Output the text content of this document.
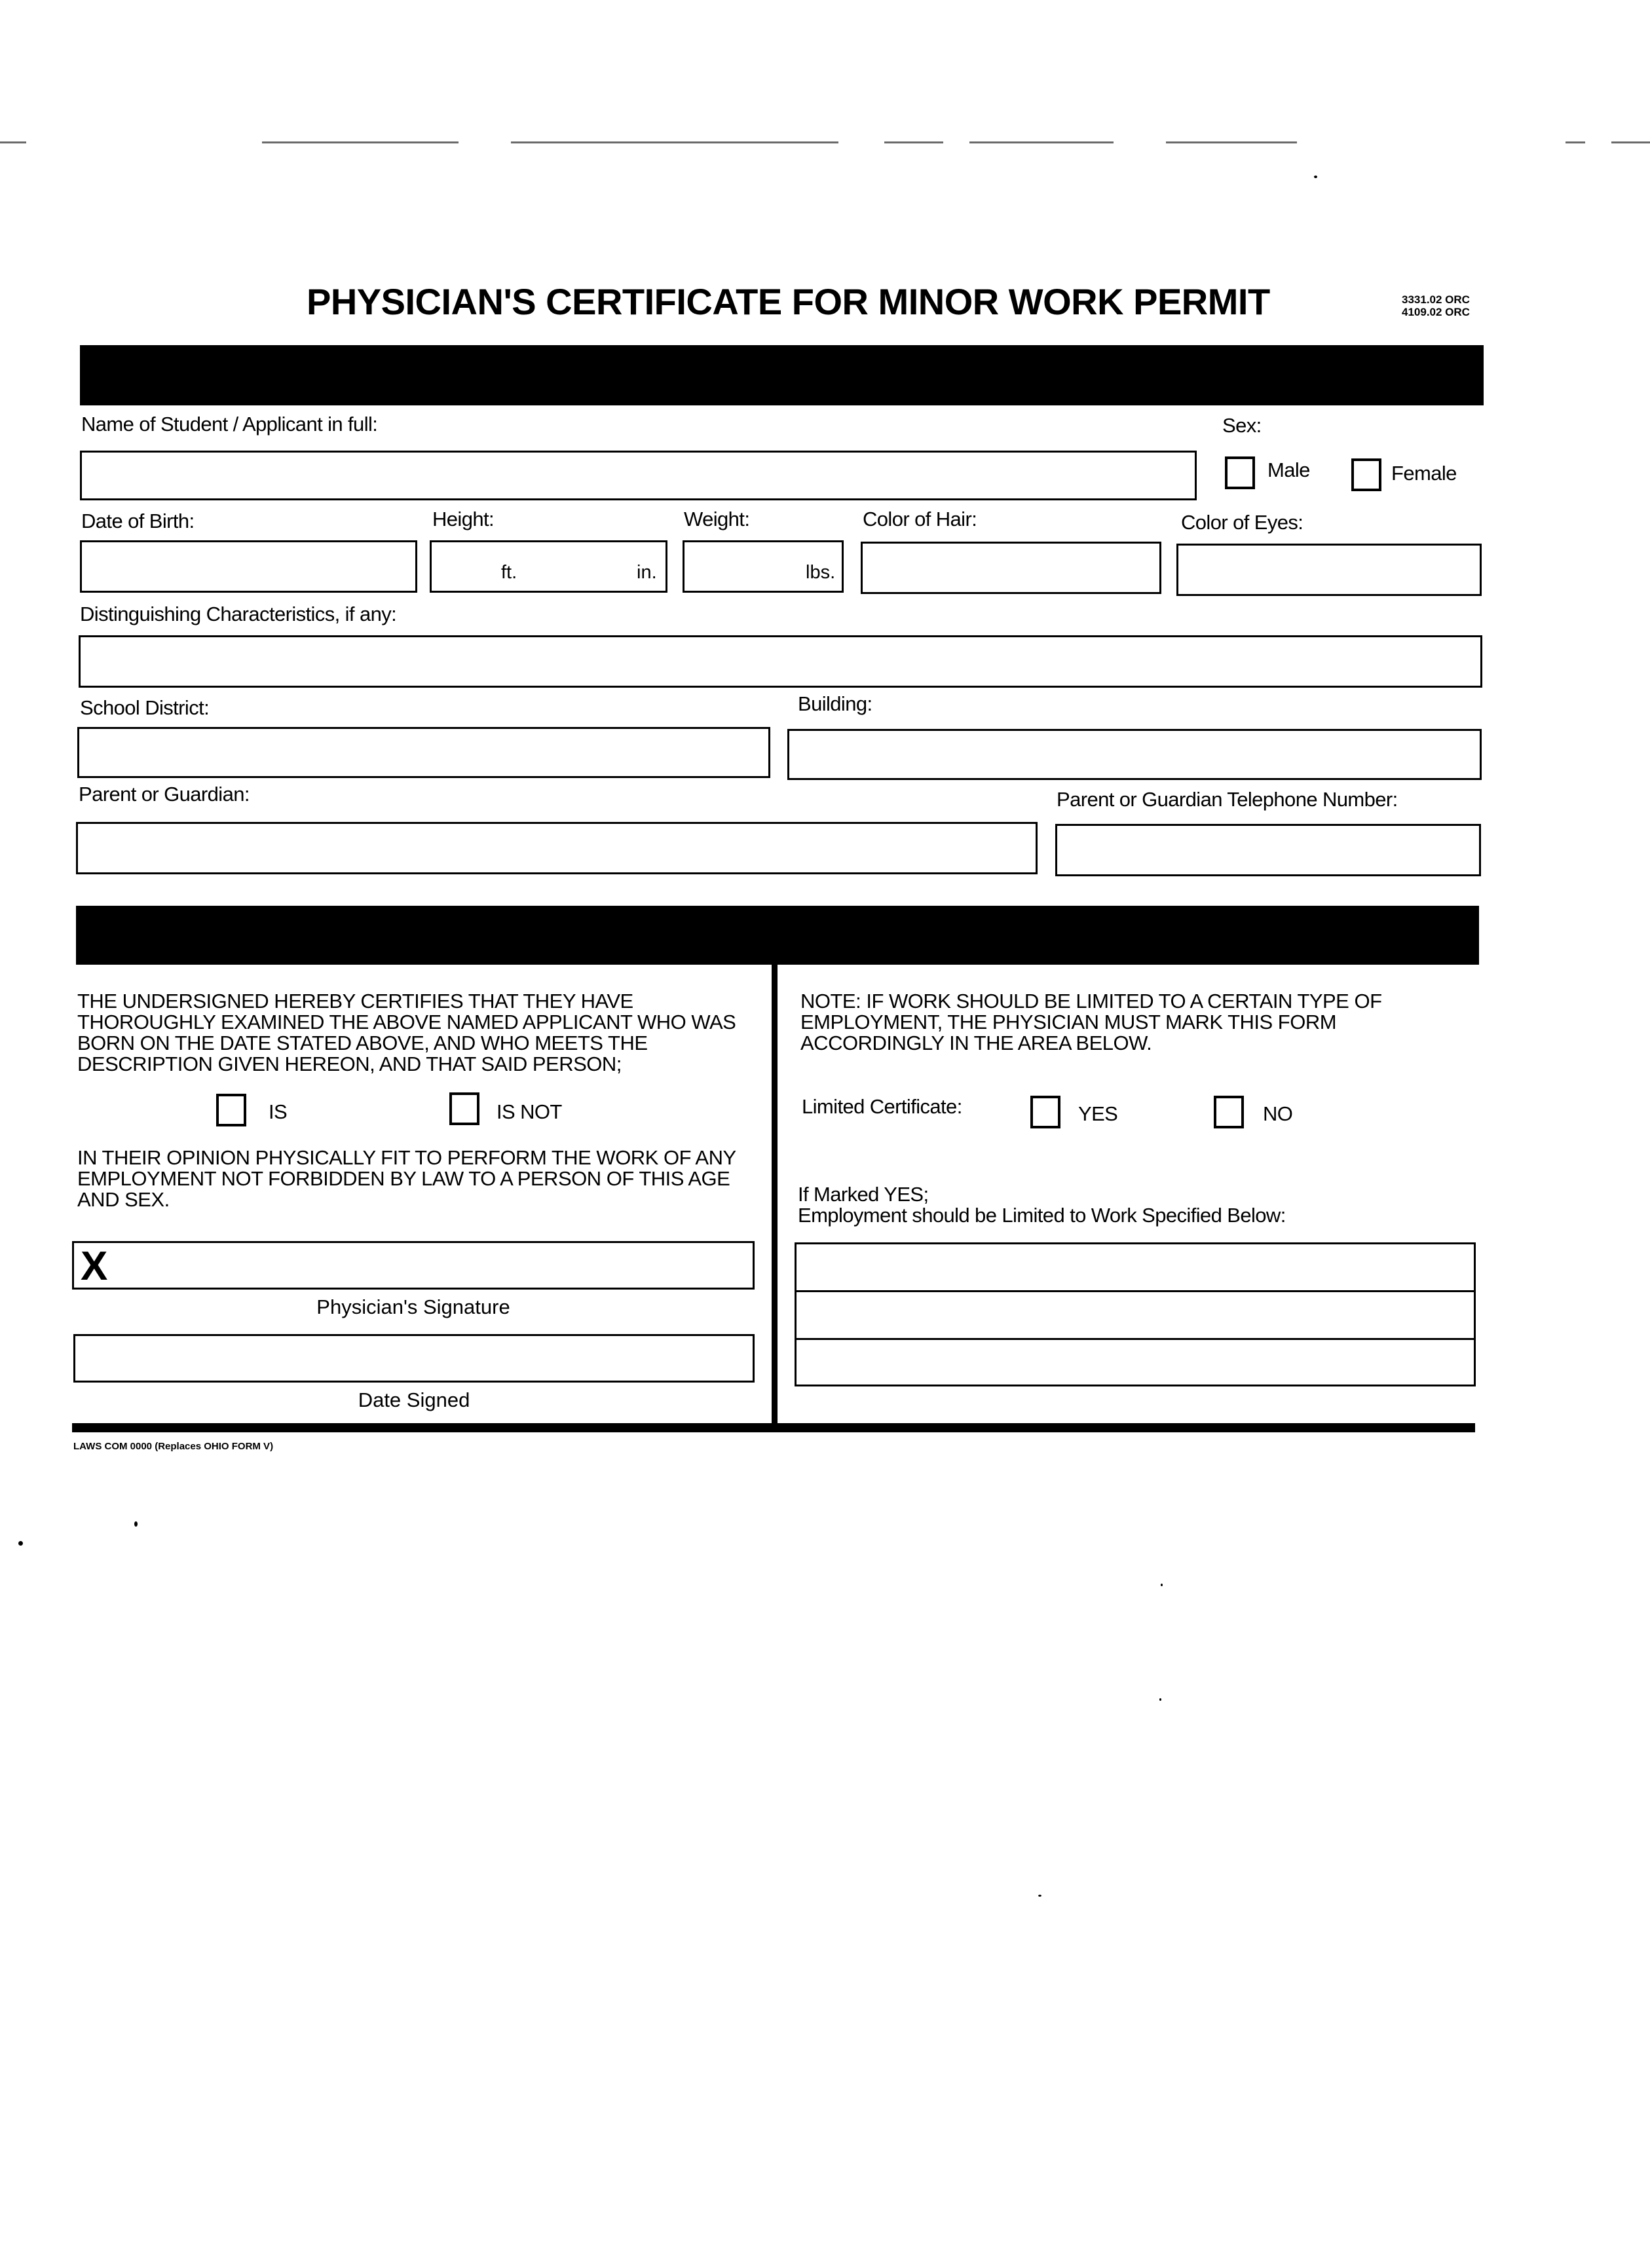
PHYSICIAN'S CERTIFICATE FOR MINOR WORK PERMIT	3331.02 ORC
4109.02 ORC
Name of Student / Applicant in full:	Sex:
Male	Female
Date of Birth:	Height:	Weight:	Color of Hair:	Color of Eyes:
ft.	in.	lbs.
Distinguishing Characteristics, if any:
School District:	Building:
Parent or Guardian:	Parent or Guardian Telephone Number:
THE UNDERSIGNED HEREBY CERTIFIES THAT THEY HAVE THOROUGHLY EXAMINED THE ABOVE NAMED APPLICANT WHO WAS BORN ON THE DATE STATED ABOVE, AND WHO MEETS THE DESCRIPTION GIVEN HEREON, AND THAT SAID PERSON;
IS	IS NOT
IN THEIR OPINION PHYSICALLY FIT TO PERFORM THE WORK OF ANY EMPLOYMENT NOT FORBIDDEN BY LAW TO A PERSON OF THIS AGE AND SEX.
X
Physician's Signature
Date Signed
NOTE: IF WORK SHOULD BE LIMITED TO A CERTAIN TYPE OF EMPLOYMENT, THE PHYSICIAN MUST MARK THIS FORM ACCORDINGLY IN THE AREA BELOW.
Limited Certificate:	YES	NO
If Marked YES;
Employment should be Limited to Work Specified Below:
LAWS COM 0000 (Replaces OHIO FORM V)
